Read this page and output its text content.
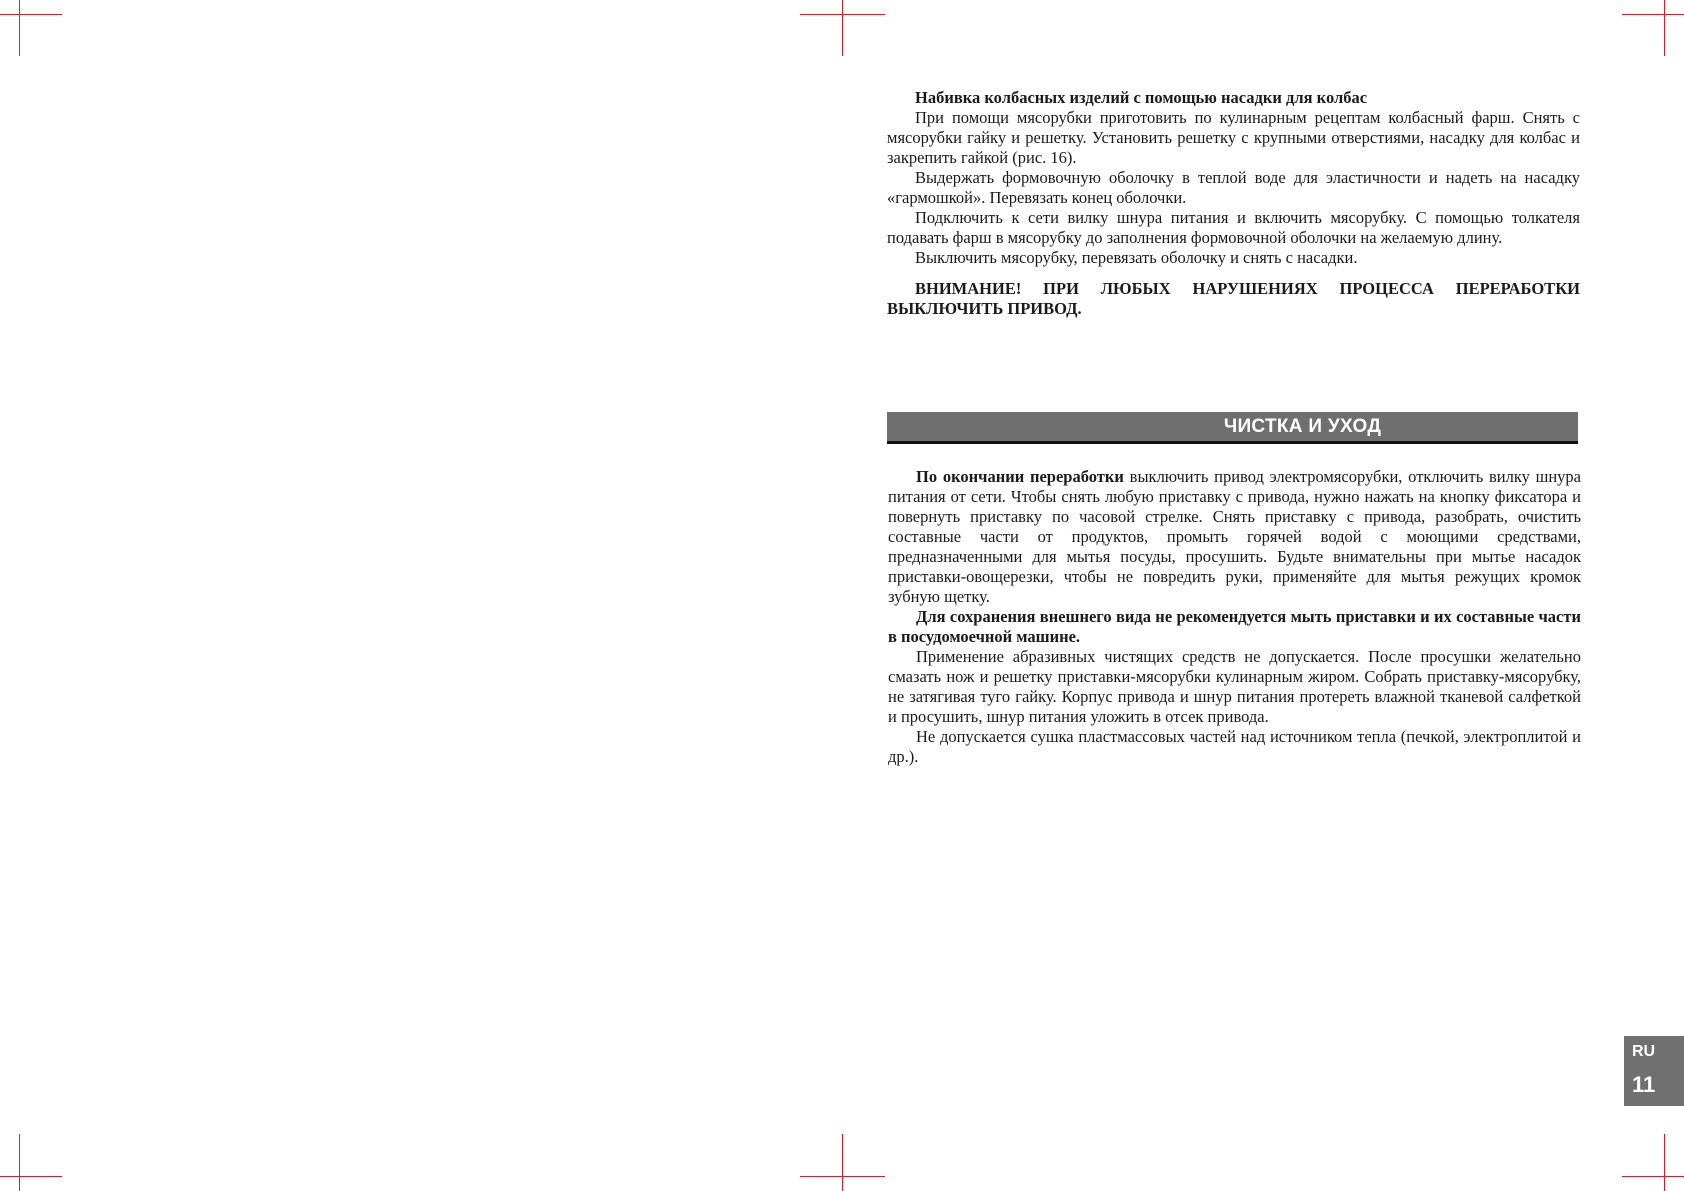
Набивка колбасных изделий с помощью насадки для колбас

При помощи мясорубки приготовить по кулинарным рецептам колбасный фарш. Снять с мясорубки гайку и решетку. Установить решетку с крупными отверстиями, насадку для колбас и закрепить гайкой (рис. 16).

Выдержать формовочную оболочку в теплой воде для эластичности и надеть на насадку «гармошкой». Перевязать конец оболочки.

Подключить к сети вилку шнура питания и включить мясорубку. С помощью толкателя подавать фарш в мясорубку до заполнения формовочной оболочки на желаемую длину.

Выключить мясорубку, перевязать оболочку и снять с насадки.

ВНИМАНИЕ! ПРИ ЛЮБЫХ НАРУШЕНИЯХ ПРОЦЕССА ПЕРЕРАБОТКИ ВЫКЛЮЧИТЬ ПРИВОД.

ЧИСТКА И УХОД

По окончании переработки выключить привод электромясорубки, отключить вилку шнура питания от сети. Чтобы снять любую приставку с привода, нужно нажать на кнопку фиксатора и повернуть приставку по часовой стрелке. Снять приставку с привода, разобрать, очистить составные части от продуктов, промыть горячей водой с моющими средствами, предназначенными для мытья посуды, просушить. Будьте внимательны при мытье насадок приставки-овощерезки, чтобы не повредить руки, применяйте для мытья режущих кромок зубную щетку.

Для сохранения внешнего вида не рекомендуется мыть приставки и их составные части в посудомоечной машине.

Применение абразивных чистящих средств не допускается. После просушки желательно смазать нож и решетку приставки-мясорубки кулинарным жиром. Собрать приставку-мясорубку, не затягивая туго гайку. Корпус привода и шнур питания протереть влажной тканевой салфеткой и просушить, шнур питания уложить в отсек привода.

Не допускается сушка пластмассовых частей над источником тепла (печкой, электроплитой и др.).

RU
11
